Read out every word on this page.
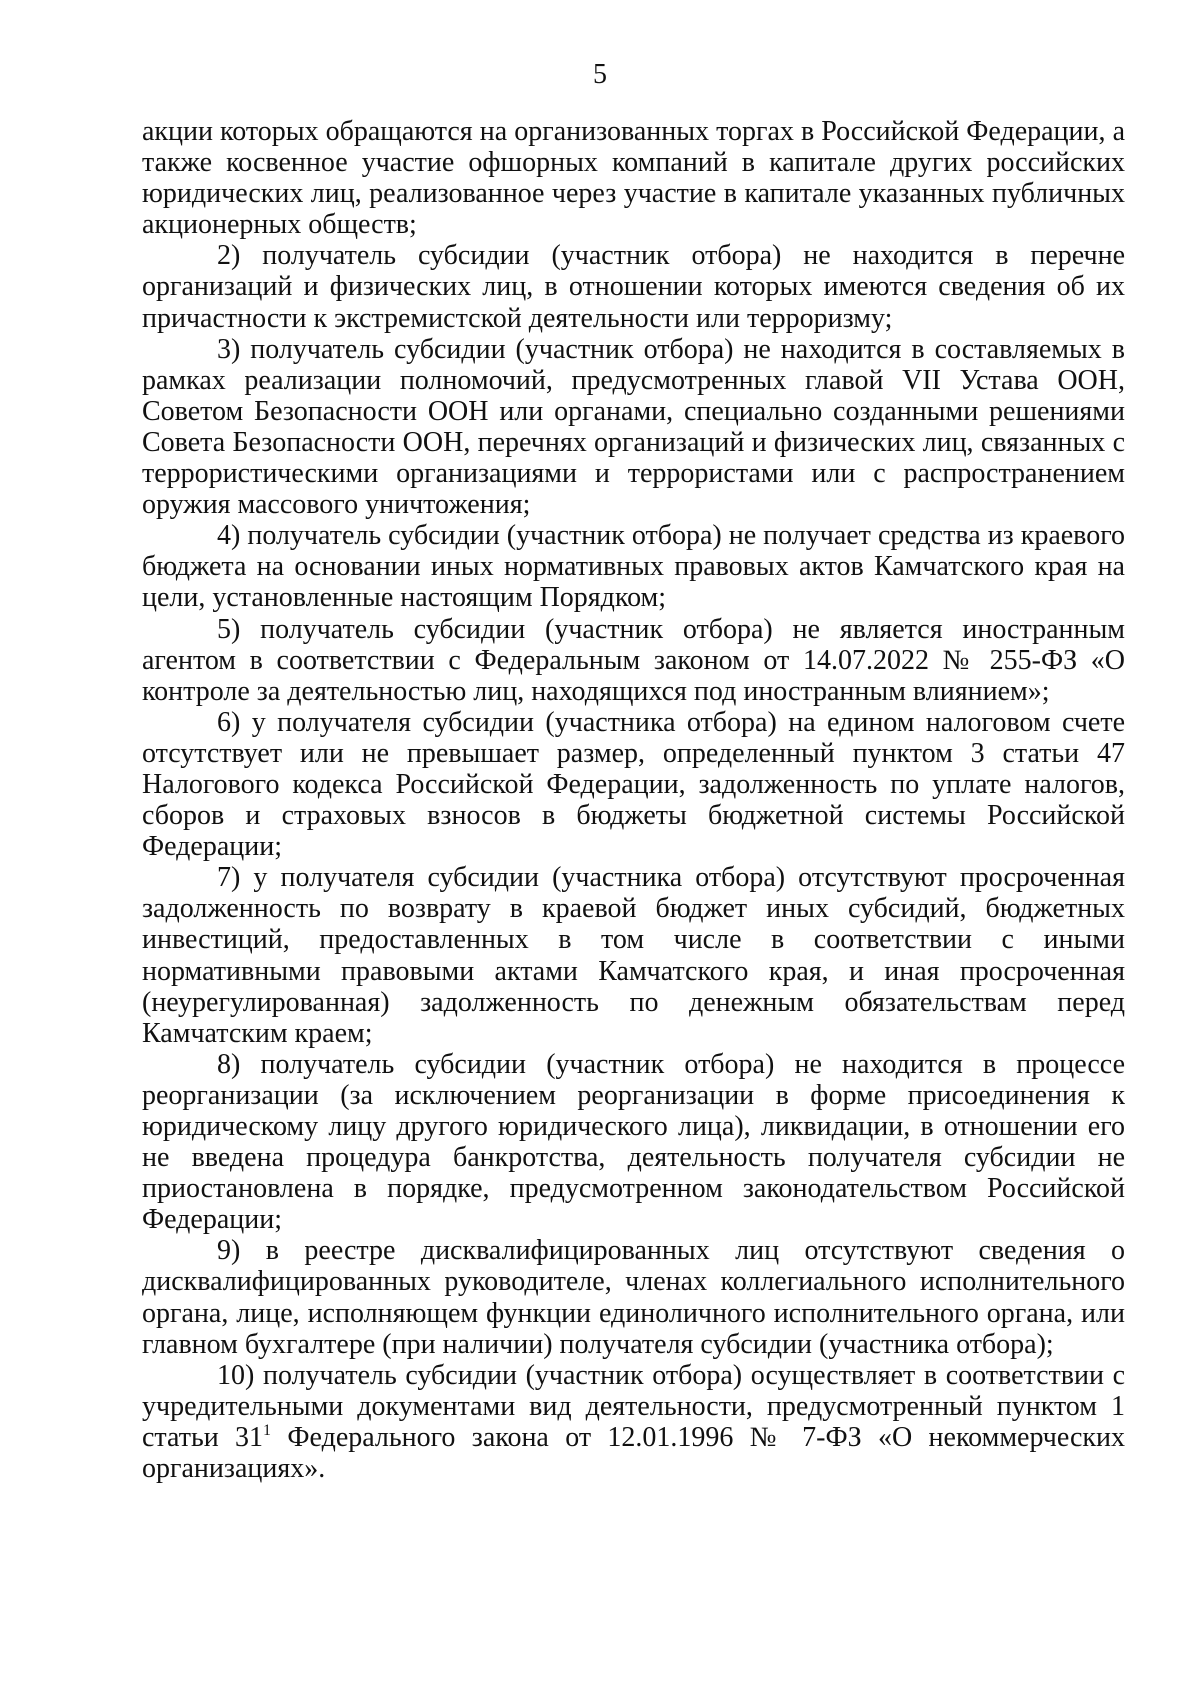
5

акции которых обращаются на организованных торгах в Российской Федерации, а также косвенное участие офшорных компаний в капитале других российских юридических лиц, реализованное через участие в капитале указанных публичных акционерных обществ;

2) получатель субсидии (участник отбора) не находится в перечне организаций и физических лиц, в отношении которых имеются сведения об их причастности к экстремистской деятельности или терроризму;

3) получатель субсидии (участник отбора) не находится в составляемых в рамках реализации полномочий, предусмотренных главой VII Устава ООН, Советом Безопасности ООН или органами, специально созданными решениями Совета Безопасности ООН, перечнях организаций и физических лиц, связанных с террористическими организациями и террористами или с распространением оружия массового уничтожения;

4) получатель субсидии (участник отбора) не получает средства из краевого бюджета на основании иных нормативных правовых актов Камчатского края на цели, установленные настоящим Порядком;

5) получатель субсидии (участник отбора) не является иностранным агентом в соответствии с Федеральным законом от 14.07.2022 № 255-ФЗ «О контроле за деятельностью лиц, находящихся под иностранным влиянием»;

6) у получателя субсидии (участника отбора) на едином налоговом счете отсутствует или не превышает размер, определенный пунктом 3 статьи 47 Налогового кодекса Российской Федерации, задолженность по уплате налогов, сборов и страховых взносов в бюджеты бюджетной системы Российской Федерации;

7) у получателя субсидии (участника отбора) отсутствуют просроченная задолженность по возврату в краевой бюджет иных субсидий, бюджетных инвестиций, предоставленных в том числе в соответствии с иными нормативными правовыми актами Камчатского края, и иная просроченная (неурегулированная) задолженность по денежным обязательствам перед Камчатским краем;

8) получатель субсидии (участник отбора) не находится в процессе реорганизации (за исключением реорганизации в форме присоединения к юридическому лицу другого юридического лица), ликвидации, в отношении его не введена процедура банкротства, деятельность получателя субсидии не приостановлена в порядке, предусмотренном законодательством Российской Федерации;

9) в реестре дисквалифицированных лиц отсутствуют сведения о дисквалифицированных руководителе, членах коллегиального исполнительного органа, лице, исполняющем функции единоличного исполнительного органа, или главном бухгалтере (при наличии) получателя субсидии (участника отбора);

10) получатель субсидии (участник отбора) осуществляет в соответствии с учредительными документами вид деятельности, предусмотренный пунктом 1 статьи $31^1$ Федерального закона от 12.01.1996 № 7-ФЗ «О некоммерческих организациях».
